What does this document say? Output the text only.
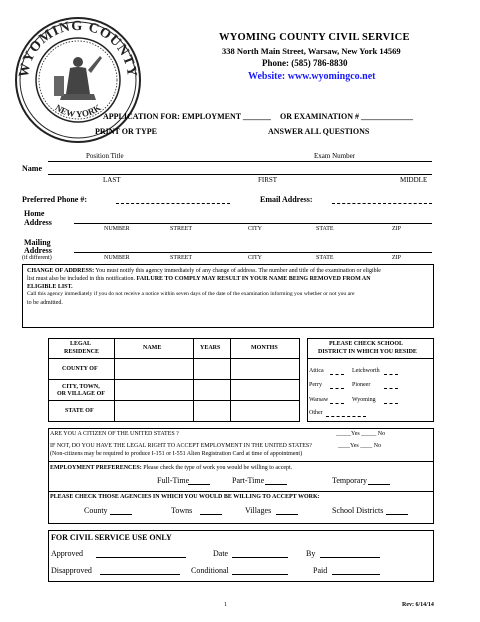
WYOMING COUNTY
NEW YORK
WYOMING COUNTY CIVIL SERVICE
338 North Main Street, Warsaw, New York 14569
Phone: (585) 786-8830
Website: www.wyomingco.net
APPLICATION FOR: EMPLOYMENT _______ OR EXAMINATION # _____________
PRINT OR TYPE	ANSWER ALL QUESTIONS
Position Title	Exam Number
Name
LAST	FIRST	MIDDLE
Preferred Phone #:	Email Address:
Home
Address
NUMBER	STREET	CITY	STATE	ZIP
Mailing
Address
(if different)	NUMBER	STREET	CITY	STATE	ZIP
CHANGE OF ADDRESS: You must notify this agency immediately of any change of address. The number and title of the examination or eligible
list must also be included in this notification. FAILURE TO COMPLY MAY RESULT IN YOUR NAME BEING REMOVED FROM AN
ELIGIBLE LIST.
Call this agency immediately if you do not receive a notice within seven days of the date of the examination informing you whether or not you are
to be admitted.
LEGAL
RESIDENCE
NAME	YEARS	MONTHS
PLEASE CHECK SCHOOL
DISTRICT IN WHICH YOU RESIDE
COUNTY OF
CITY, TOWN,
OR VILLAGE OF
STATE OF
Attica	Letchworth
Perry	Pioneer
Warsaw	Wyoming
Other
ARE YOU A CITIZEN OF THE UNITED STATES ?	_____Yes _____ No
IF NOT, DO YOU HAVE THE LEGAL RIGHT TO ACCEPT EMPLOYMENT IN THE UNITED STATES?	____Yes ____ No
(Non-citizens may be required to produce I-151 or I-551 Alien Registration Card at time of appointment)
EMPLOYMENT PREFERENCES: Please check the type of work you would be willing to accept.
Full-Time	Part-Time	Temporary
PLEASE CHECK THOSE AGENCIES IN WHICH YOU WOULD BE WILLING TO ACCEPT WORK:
County	Towns	Villages	School Districts
FOR CIVIL SERVICE USE ONLY
Approved	Date	By
Disapproved	Conditional	Paid
1	Rev: 6/14/14
